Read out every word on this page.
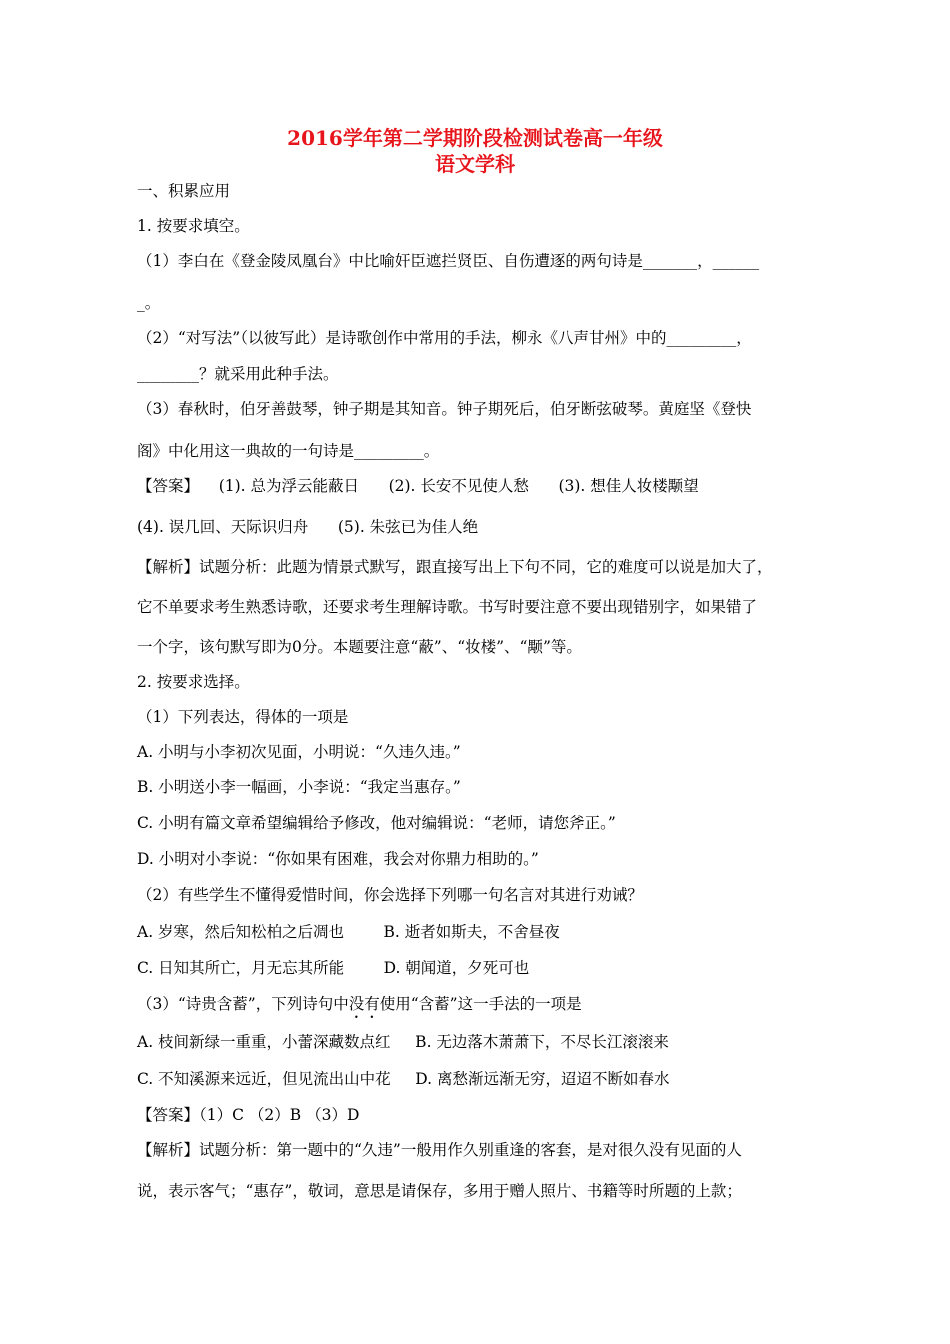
2016学年第二学期阶段检测试卷高一年级
语文学科
一、积累应用
1. 按要求填空。
（1）李白在《登金陵凤凰台》中比喻奸臣遮拦贤臣、自伤遭逐的两句诗是_______，______
_。
（2）“对写法”（以彼写此）是诗歌创作中常用的手法，柳永《八声甘州》中的_________，
________？就采用此种手法。
（3）春秋时，伯牙善鼓琴，钟子期是其知音。钟子期死后，伯牙断弦破琴。黄庭坚《登快
阁》中化用这一典故的一句诗是_________。
【答案】    (1). 总为浮云能蔽日      (2). 长安不见使人愁      (3). 想佳人妆楼颙望
(4). 误几回、天际识归舟      (5). 朱弦已为佳人绝
【解析】试题分析：此题为情景式默写，跟直接写出上下句不同，它的难度可以说是加大了，
它不单要求考生熟悉诗歌，还要求考生理解诗歌。书写时要注意不要出现错别字，如果错了
一个字，该句默写即为0分。本题要注意“蔽”、“妆楼”、“颙”等。
2. 按要求选择。
（1）下列表达，得体的一项是
A. 小明与小李初次见面，小明说：“久违久违。”
B. 小明送小李一幅画，小李说：“我定当惠存。”
C. 小明有篇文章希望编辑给予修改，他对编辑说：“老师，请您斧正。”
D. 小明对小李说：“你如果有困难，我会对你鼎力相助的。”
（2）有些学生不懂得爱惜时间，你会选择下列哪一句名言对其进行劝诫？
A. 岁寒，然后知松柏之后凋也        B. 逝者如斯夫，不舍昼夜
C. 日知其所亡，月无忘其所能        D. 朝闻道，夕死可也
（3）“诗贵含蓄”，下列诗句中没有使用“含蓄”这一手法的一项是
A. 枝间新绿一重重，小蕾深藏数点红     B. 无边落木萧萧下，不尽长江滚滚来
C. 不知溪源来远近，但见流出山中花     D. 离愁渐远渐无穷，迢迢不断如春水
【答案】（1）C （2）B （3）D
【解析】试题分析：第一题中的“久违”一般用作久别重逢的客套，是对很久没有见面的人
说，表示客气；“惠存”，敬词，意思是请保存，多用于赠人照片、书籍等时所题的上款；
